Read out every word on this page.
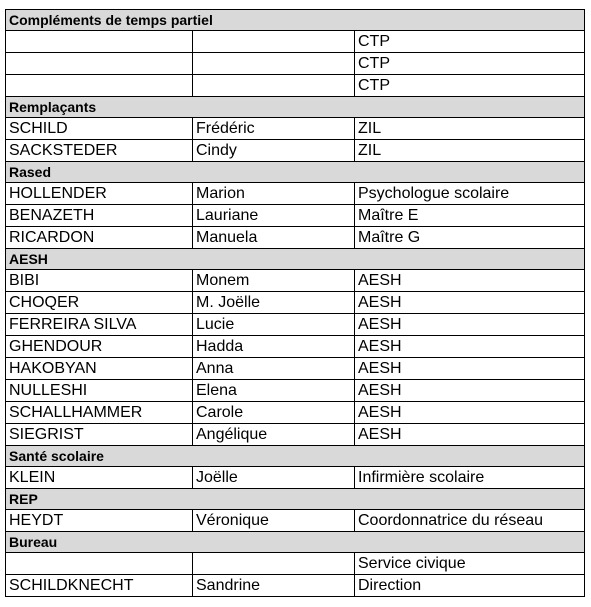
Compléments de temps partiel		
		CTP
		CTP
		CTP
Remplaçants		
SCHILD	Frédéric	ZIL
SACKSTEDER	Cindy	ZIL
Rased		
HOLLENDER	Marion	Psychologue scolaire
BENAZETH	Lauriane	Maître E
RICARDON	Manuela	Maître G
AESH		
BIBI	Monem	AESH
CHOQER	M. Joëlle	AESH
FERREIRA SILVA	Lucie	AESH
GHENDOUR	Hadda	AESH
HAKOBYAN	Anna	AESH
NULLESHI	Elena	AESH
SCHALLHAMMER	Carole	AESH
SIEGRIST	Angélique	AESH
Santé scolaire		
KLEIN	Joëlle	Infirmière scolaire
REP		
HEYDT	Véronique	Coordonnatrice du réseau
Bureau		
		Service civique
SCHILDKNECHT	Sandrine	Direction
